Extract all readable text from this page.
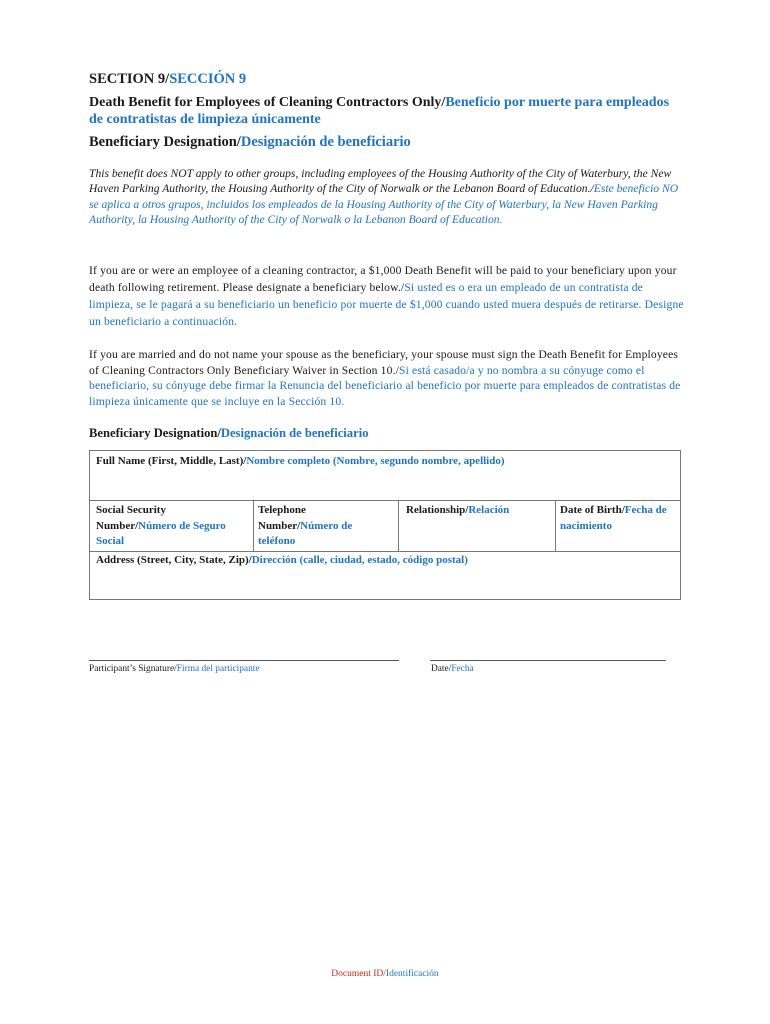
SECTION 9/SECCIÓN 9
Death Benefit for Employees of Cleaning Contractors Only/Beneficio por muerte para empleados de contratistas de limpieza únicamente
Beneficiary Designation/Designación de beneficiario
This benefit does NOT apply to other groups, including employees of the Housing Authority of the City of Waterbury, the New Haven Parking Authority, the Housing Authority of the City of Norwalk or the Lebanon Board of Education./Este beneficio NO se aplica a otros grupos, incluidos los empleados de la Housing Authority of the City of Waterbury, la New Haven Parking Authority, la Housing Authority of the City of Norwalk o la Lebanon Board of Education.
If you are or were an employee of a cleaning contractor, a $1,000 Death Benefit will be paid to your beneficiary upon your death following retirement. Please designate a beneficiary below./Si usted es o era un empleado de un contratista de limpieza, se le pagará a su beneficiario un beneficio por muerte de $1,000 cuando usted muera después de retirarse. Designe un beneficiario a continuación.
If you are married and do not name your spouse as the beneficiary, your spouse must sign the Death Benefit for Employees of Cleaning Contractors Only Beneficiary Waiver in Section 10./Si está casado/a y no nombra a su cónyuge como el beneficiario, su cónyuge debe firmar la Renuncia del beneficiario al beneficio por muerte para empleados de contratistas de limpieza únicamente que se incluye en la Sección 10.
Beneficiary Designation/Designación de beneficiario
Full Name (First, Middle, Last)/Nombre completo (Nombre, segundo nombre, apellido)
Social Security Number/Número de Seguro Social
Telephone Number/Número de teléfono
Relationship/Relación	Date of Birth/Fecha de nacimiento
Address (Street, City, State, Zip)/Dirección (calle, ciudad, estado, código postal)
Participant’s Signature/Firma del participante	Date/Fecha
Document ID/Identificación
